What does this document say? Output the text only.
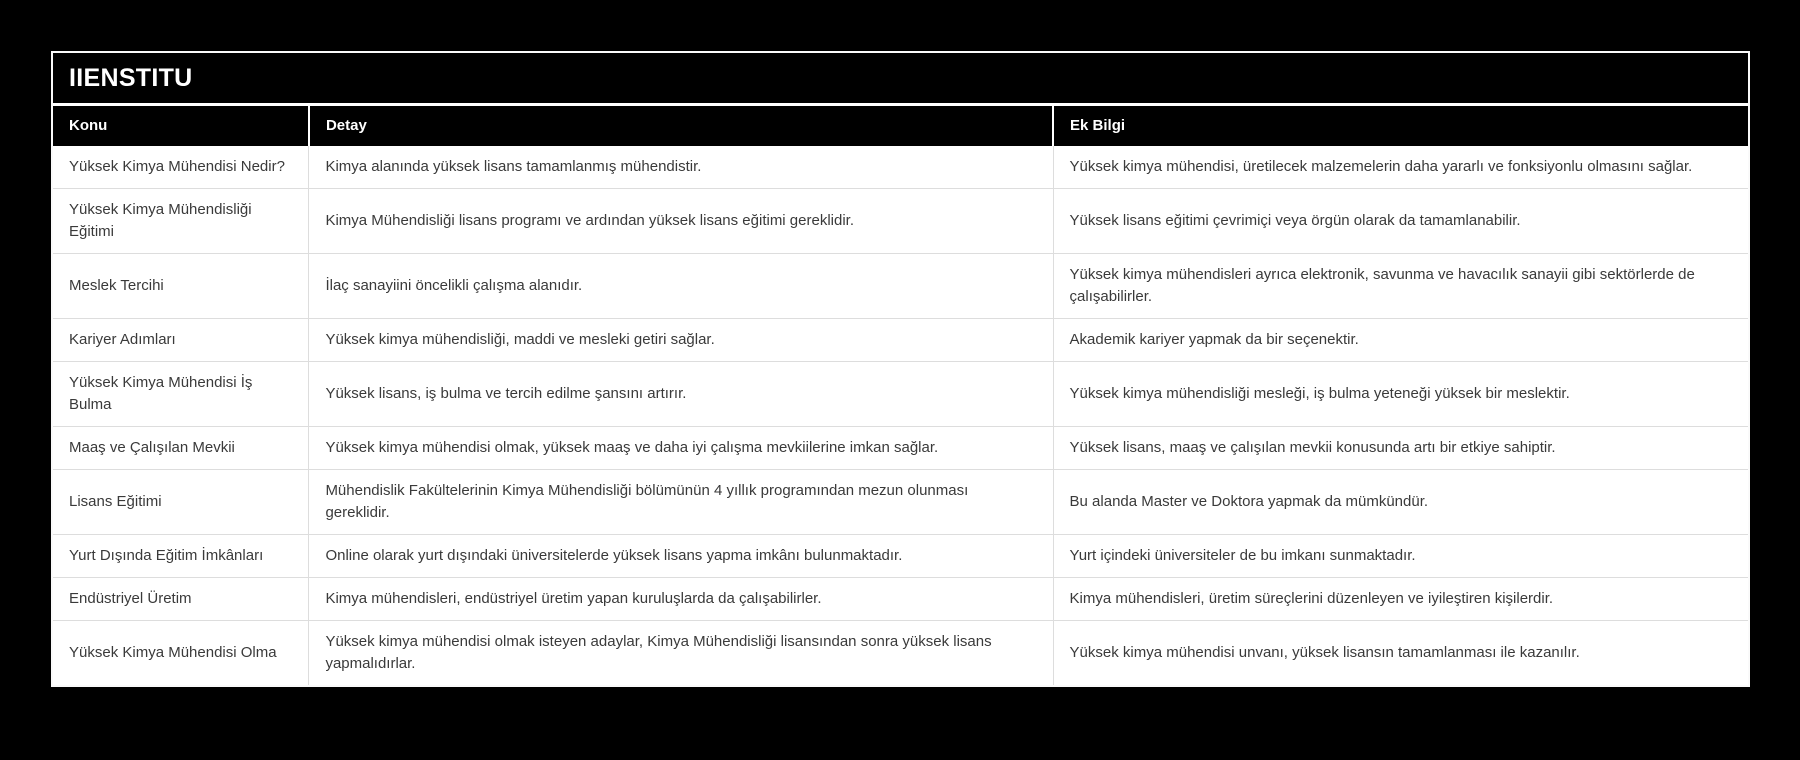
IIENSTITU
Konu	Detay	Ek Bilgi
Yüksek Kimya Mühendisi Nedir?	Kimya alanında yüksek lisans tamamlanmış mühendistir.	Yüksek kimya mühendisi, üretilecek malzemelerin daha yararlı ve fonksiyonlu olmasını sağlar.
Yüksek Kimya Mühendisliği Eğitimi	Kimya Mühendisliği lisans programı ve ardından yüksek lisans eğitimi gereklidir.	Yüksek lisans eğitimi çevrimiçi veya örgün olarak da tamamlanabilir.
Meslek Tercihi	İlaç sanayiini öncelikli çalışma alanıdır.	Yüksek kimya mühendisleri ayrıca elektronik, savunma ve havacılık sanayii gibi sektörlerde de çalışabilirler.
Kariyer Adımları	Yüksek kimya mühendisliği, maddi ve mesleki getiri sağlar.	Akademik kariyer yapmak da bir seçenektir.
Yüksek Kimya Mühendisi İş Bulma	Yüksek lisans, iş bulma ve tercih edilme şansını artırır.	Yüksek kimya mühendisliği mesleği, iş bulma yeteneği yüksek bir meslektir.
Maaş ve Çalışılan Mevkii	Yüksek kimya mühendisi olmak, yüksek maaş ve daha iyi çalışma mevkiilerine imkan sağlar.	Yüksek lisans, maaş ve çalışılan mevkii konusunda artı bir etkiye sahiptir.
Lisans Eğitimi	Mühendislik Fakültelerinin Kimya Mühendisliği bölümünün 4 yıllık programından mezun olunması gereklidir.	Bu alanda Master ve Doktora yapmak da mümkündür.
Yurt Dışında Eğitim İmkânları	Online olarak yurt dışındaki üniversitelerde yüksek lisans yapma imkânı bulunmaktadır.	Yurt içindeki üniversiteler de bu imkanı sunmaktadır.
Endüstriyel Üretim	Kimya mühendisleri, endüstriyel üretim yapan kuruluşlarda da çalışabilirler.	Kimya mühendisleri, üretim süreçlerini düzenleyen ve iyileştiren kişilerdir.
Yüksek Kimya Mühendisi Olma	Yüksek kimya mühendisi olmak isteyen adaylar, Kimya Mühendisliği lisansından sonra yüksek lisans yapmalıdırlar.	Yüksek kimya mühendisi unvanı, yüksek lisansın tamamlanması ile kazanılır.
